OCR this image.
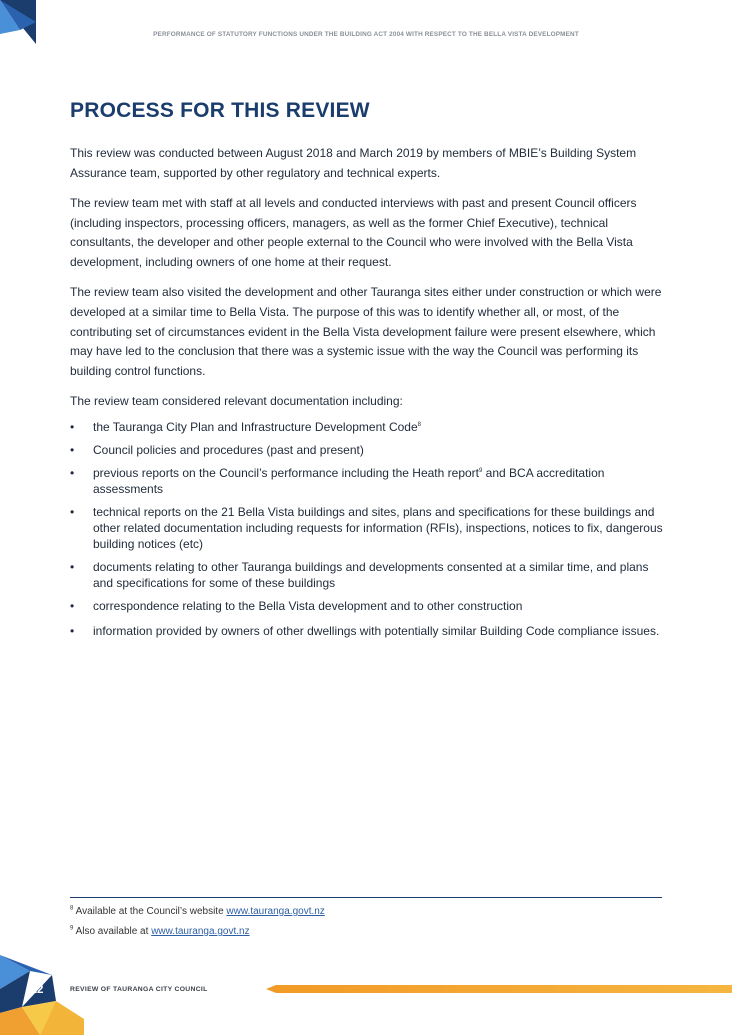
PERFORMANCE OF STATUTORY FUNCTIONS UNDER THE BUILDING ACT 2004 WITH RESPECT TO THE BELLA VISTA DEVELOPMENT
PROCESS FOR THIS REVIEW

This review was conducted between August 2018 and March 2019 by members of MBIE’s Building System Assurance team, supported by other regulatory and technical experts.

The review team met with staff at all levels and conducted interviews with past and present Council officers (including inspectors, processing officers, managers, as well as the former Chief Executive), technical consultants, the developer and other people external to the Council who were involved with the Bella Vista development, including owners of one home at their request.

The review team also visited the development and other Tauranga sites either under construction or which were developed at a similar time to Bella Vista. The purpose of this was to identify whether all, or most, of the contributing set of circumstances evident in the Bella Vista development failure were present elsewhere, which may have led to the conclusion that there was a systemic issue with the way the Council was performing its building control functions.

The review team considered relevant documentation including:

• the Tauranga City Plan and Infrastructure Development Code$^8$
• Council policies and procedures (past and present)
• previous reports on the Council’s performance including the Heath report$^9$ and BCA accreditation assessments
• technical reports on the 21 Bella Vista buildings and sites, plans and specifications for these buildings and other related documentation including requests for information (RFIs), inspections, notices to fix, dangerous building notices (etc)
• documents relating to other Tauranga buildings and developments consented at a similar time, and plans and specifications for some of these buildings
• correspondence relating to the Bella Vista development and to other construction
• information provided by owners of other dwellings with potentially similar Building Code compliance issues.
$^8$ Available at the Council’s website www.tauranga.govt.nz
$^9$ Also available at www.tauranga.govt.nz
12	REVIEW OF TAURANGA CITY COUNCIL
